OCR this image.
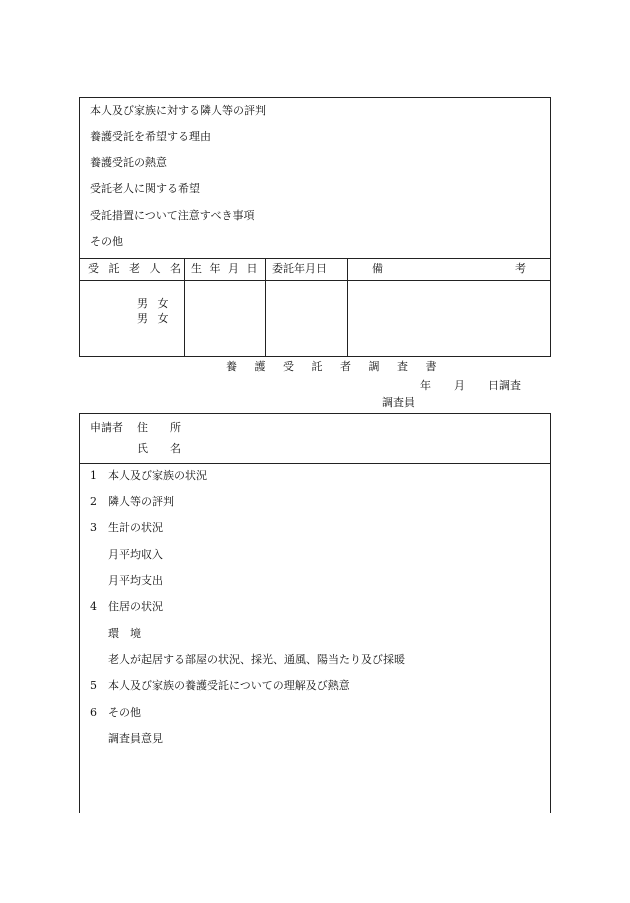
本人及び家族に対する隣人等の評判
養護受託を希望する理由
養護受託の熱意
受託老人に関する希望
受託措置について注意すべき事項
その他
受 託 老 人 名 生 年 月 日 委託年月日	備	考
男 女
男 女
養 護 受 託 者 調 査 書
年 月 日調査
調査員
申請者 住　　所
氏　　名
1　本人及び家族の状況
2　隣人等の評判
3　生計の状況
月平均収入
月平均支出
4　住居の状況
環　境
老人が起居する部屋の状況、採光、通風、陽当たり及び採暖
5　本人及び家族の養護受託についての理解及び熱意
6　その他
調査員意見
